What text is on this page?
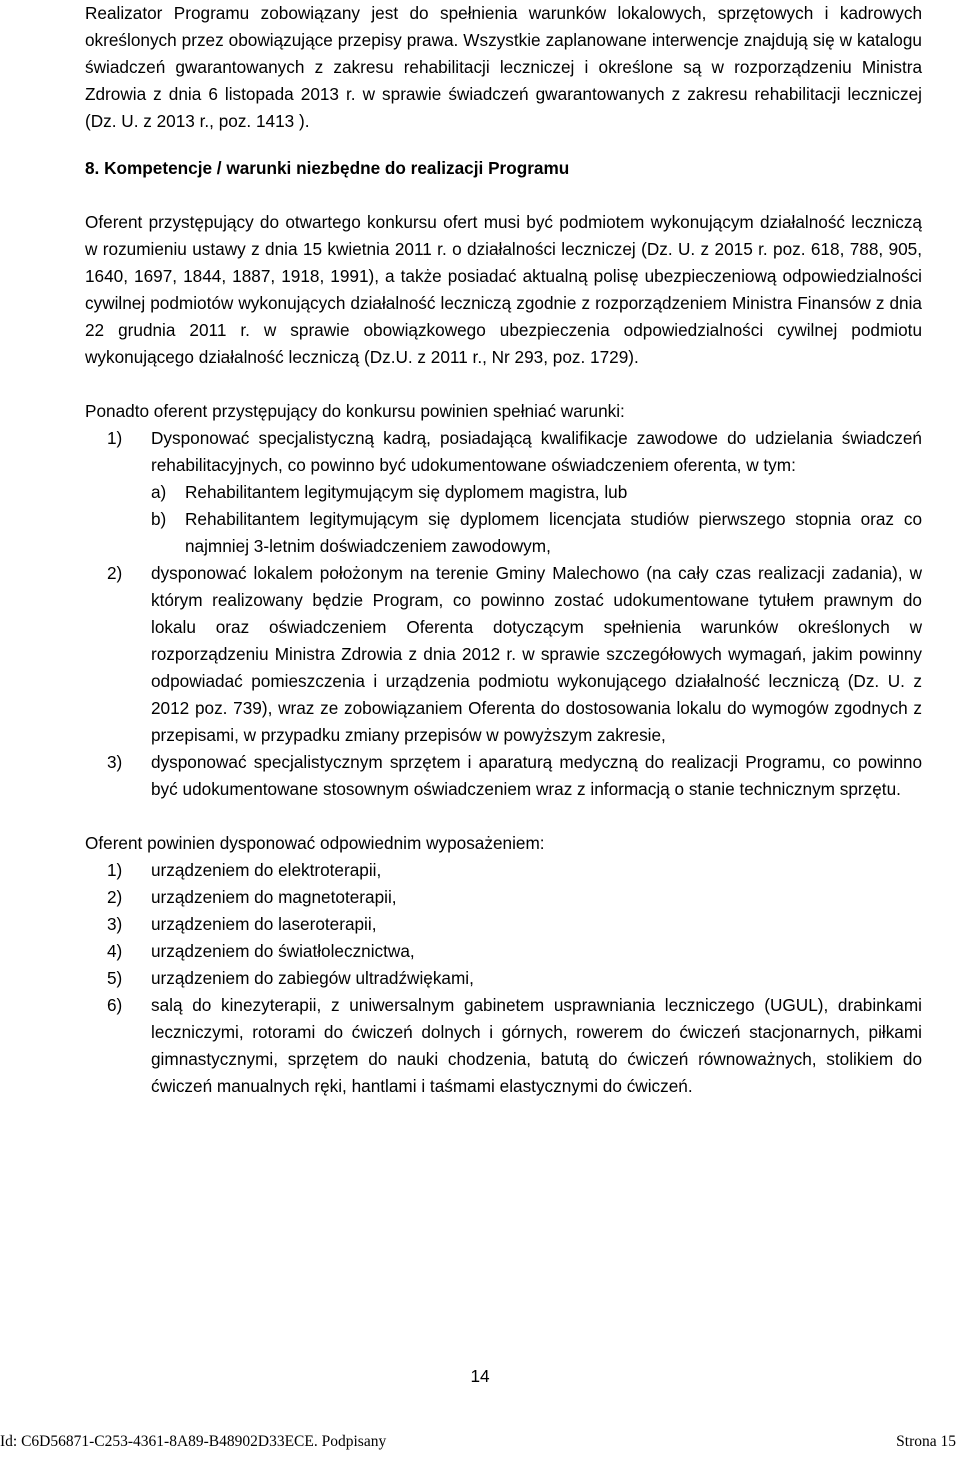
Realizator Programu zobowiązany jest do spełnienia warunków lokalowych, sprzętowych i kadrowych określonych przez obowiązujące przepisy prawa. Wszystkie zaplanowane interwencje znajdują się w katalogu świadczeń gwarantowanych z zakresu rehabilitacji leczniczej i określone są w rozporządzeniu Ministra Zdrowia z dnia 6 listopada 2013 r. w sprawie świadczeń gwarantowanych z zakresu rehabilitacji leczniczej (Dz. U. z 2013 r., poz. 1413 ).

8. Kompetencje / warunki niezbędne do realizacji Programu

Oferent przystępujący do otwartego konkursu ofert musi być podmiotem wykonującym działalność leczniczą w rozumieniu ustawy z dnia 15 kwietnia 2011 r. o działalności leczniczej (Dz. U. z 2015 r. poz. 618, 788, 905, 1640, 1697, 1844, 1887, 1918, 1991), a także posiadać aktualną polisę ubezpieczeniową odpowiedzialności cywilnej podmiotów wykonujących działalność leczniczą zgodnie z rozporządzeniem Ministra Finansów z dnia 22 grudnia 2011 r. w sprawie obowiązkowego ubezpieczenia odpowiedzialności cywilnej podmiotu wykonującego działalność leczniczą (Dz.U. z 2011 r., Nr 293, poz. 1729).

Ponadto oferent przystępujący do konkursu powinien spełniać warunki:

1) Dysponować specjalistyczną kadrą, posiadającą kwalifikacje zawodowe do udzielania świadczeń rehabilitacyjnych, co powinno być udokumentowane oświadczeniem oferenta, w tym:
a) Rehabilitantem legitymującym się dyplomem magistra, lub
b) Rehabilitantem legitymującym się dyplomem licencjata studiów pierwszego stopnia oraz co najmniej 3-letnim doświadczeniem zawodowym,
2) dysponować lokalem położonym na terenie Gminy Malechowo (na cały czas realizacji zadania), w którym realizowany będzie Program, co powinno zostać udokumentowane tytułem prawnym do lokalu oraz oświadczeniem Oferenta dotyczącym spełnienia warunków określonych w rozporządzeniu Ministra Zdrowia z dnia 2012 r. w sprawie szczegółowych wymagań, jakim powinny odpowiadać pomieszczenia i urządzenia podmiotu wykonującego działalność leczniczą (Dz. U. z 2012 poz. 739), wraz ze zobowiązaniem Oferenta do dostosowania lokalu do wymogów zgodnych z przepisami, w przypadku zmiany przepisów w powyższym zakresie,
3) dysponować specjalistycznym sprzętem i aparaturą medyczną do realizacji Programu, co powinno być udokumentowane stosownym oświadczeniem wraz z informacją o stanie technicznym sprzętu.

Oferent powinien dysponować odpowiednim wyposażeniem:

1) urządzeniem do elektroterapii,
2) urządzeniem do magnetoterapii,
3) urządzeniem do laseroterapii,
4) urządzeniem do światłolecznictwa,
5) urządzeniem do zabiegów ultradźwiękami,
6) salą do kinezyterapii, z uniwersalnym gabinetem usprawniania leczniczego (UGUL), drabinkami leczniczymi, rotorami do ćwiczeń dolnych i górnych, rowerem do ćwiczeń stacjonarnych, piłkami gimnastycznymi, sprzętem do nauki chodzenia, batutą do ćwiczeń równoważnych, stolikiem do ćwiczeń manualnych ręki, hantlami i taśmami elastycznymi do ćwiczeń.
14
Id: C6D56871-C253-4361-8A89-B48902D33ECE. Podpisany	Strona 15
